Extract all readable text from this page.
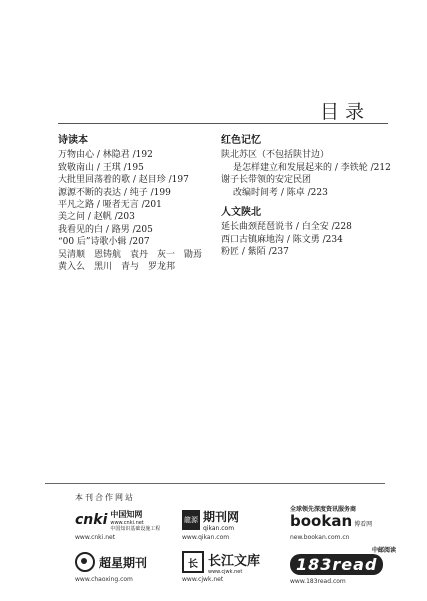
目录
诗读本
万物由心 / 林隐君 /192
致敬南山 / 王琪 /195
大批里回荡着的歌 / 赵目珍 /197
源源不断的表达 / 纯子 /199
平凡之路 / 哑者无言 /201
美之问 / 赵帆 /203
我看见的白 / 路男 /205
“00 后”诗歌小辑 /207
吴清顺　恩铸航　袁丹　灰一　勖焉
黄入么　黑川　青与　罗龙邦
红色记忆
陕北苏区（不包括陕甘边）
是怎样建立和发展起来的 / 李铁轮 /212
谢子长带领的安定民团
改编时间考 / 陈卓 /223
人文陕北
延长曲颈琵琶说书 / 白全安 /228
西口古镇麻地沟 / 陈文勇 /234
粉匠 / 紫陌 /237
本刊合作网站
cnki 中国知网
www.cnki.net
中国知识基础设施工程
www.cnki.net
龍源 期刊网
qikan.com
www.qikan.com
全球领先深度资讯服务商
bookan 博看网
new.bookan.com.cn
超星期刊
www.chaoxing.com
长 长江文库
www.cjwk.net
www.cjwk.net
中邮阅读
183read
www.183read.com
